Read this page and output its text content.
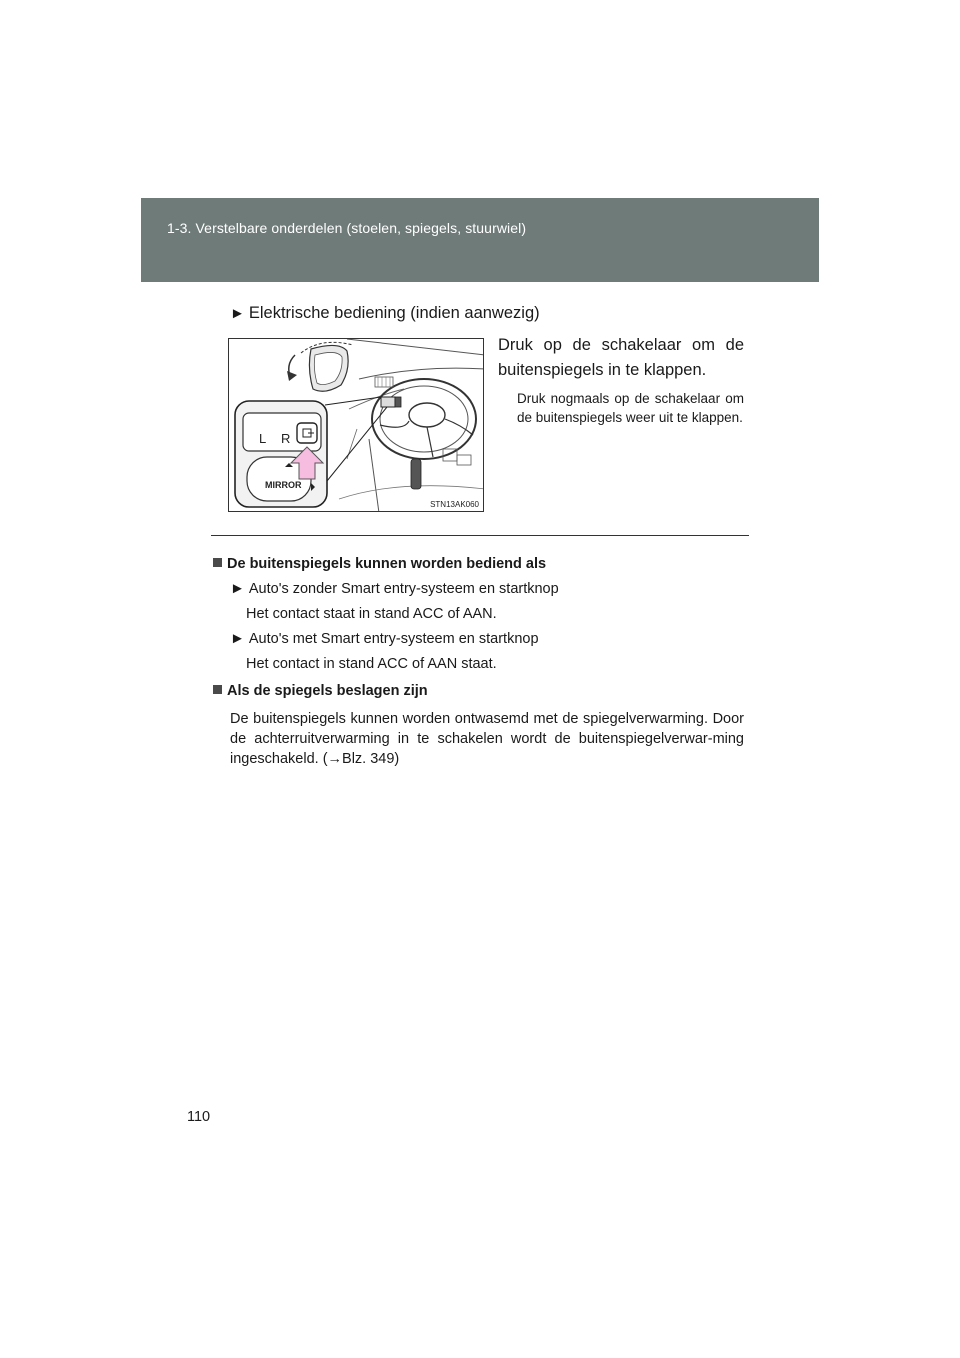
1-3. Verstelbare onderdelen (stoelen, spiegels, stuurwiel)
► Elektrische bediening (indien aanwezig)
L R
MIRROR
STN13AK060
Druk op de schakelaar om de buitenspiegels in te klappen.
Druk nogmaals op de schakelaar om de buitenspiegels weer uit te klappen.
De buitenspiegels kunnen worden bediend als
► Auto's zonder Smart entry-systeem en startknop
Het contact staat in stand ACC of AAN.
► Auto's met Smart entry-systeem en startknop
Het contact in stand ACC of AAN staat.
Als de spiegels beslagen zijn
De buitenspiegels kunnen worden ontwasemd met de spiegelverwarming. Door de achterruitverwarming in te schakelen wordt de buitenspiegelverwar-ming ingeschakeld. (→Blz. 349)
110
